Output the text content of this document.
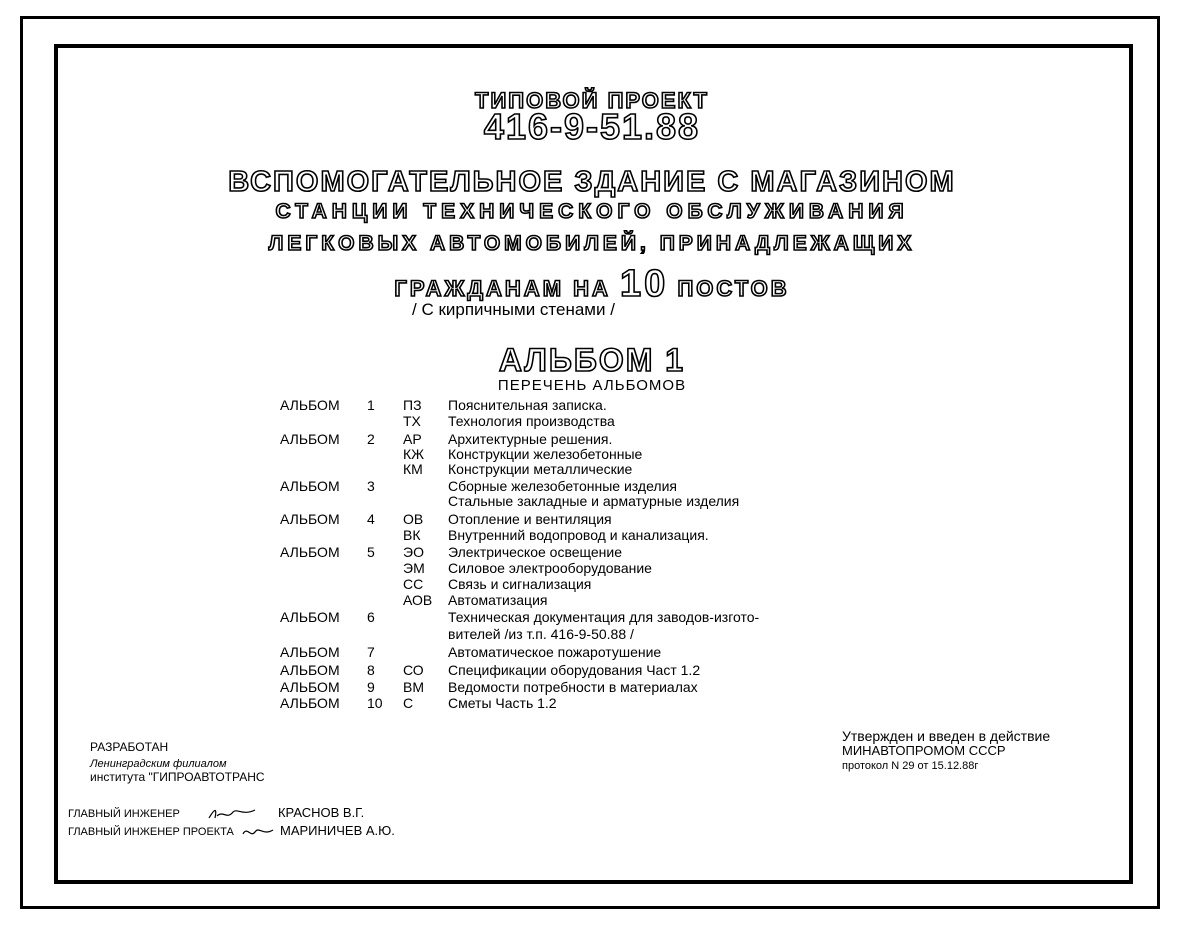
ТИПОВОЙ ПРОЕКТ
416-9-51.88
ВСПОМОГАТЕЛЬНОЕ ЗДАНИЕ С МАГАЗИНОМ
СТАНЦИИ ТЕХНИЧЕСКОГО ОБСЛУЖИВАНИЯ
ЛЕГКОВЫХ АВТОМОБИЛЕЙ, ПРИНАДЛЕЖАЩИХ
ГРАЖДАНАМ НА 10 ПОСТОВ
/ С кирпичными стенами /
АЛЬБОМ 1
ПЕРЕЧЕНЬ АЛЬБОМОВ
АЛЬБОМ 1 ПЗ Пояснительная записка.
ТХ Технология производства
АЛЬБОМ 2 АР Архитектурные решения.
КЖ Конструкции железобетонные
КМ Конструкции металлические
АЛЬБОМ 3	Сборные железобетонные изделия
Стальные закладные и арматурные изделия
АЛЬБОМ 4 ОВ Отопление и вентиляция
ВК Внутренний водопровод и канализация.
АЛЬБОМ 5 ЭО Электрическое освещение
ЭМ Силовое электрооборудование
СС Связь и сигнализация
АОВ Автоматизация
АЛЬБОМ 6	Техническая документация для заводов-изгото-
вителей /из т.п. 416-9-50.88 /
АЛЬБОМ 7	Автоматическое пожаротушение
АЛЬБОМ 8 СО Спецификации оборудования Част 1.2
АЛЬБОМ 9 ВМ Ведомости потребности в материалах
АЛЬБОМ 10 С Сметы Часть 1.2
РАЗРАБОТАН
Ленинградским филиалом
института "ГИПРОАВТОТРАНС
Утвержден и введен в действие
МИНАВТОПРОМОМ СССР
протокол N 29 от 15.12.88г
ГЛАВНЫЙ ИНЖЕНЕР	КРАСНОВ В.Г.
ГЛАВНЫЙ ИНЖЕНЕР ПРОЕКТА	МАРИНИЧЕВ А.Ю.
